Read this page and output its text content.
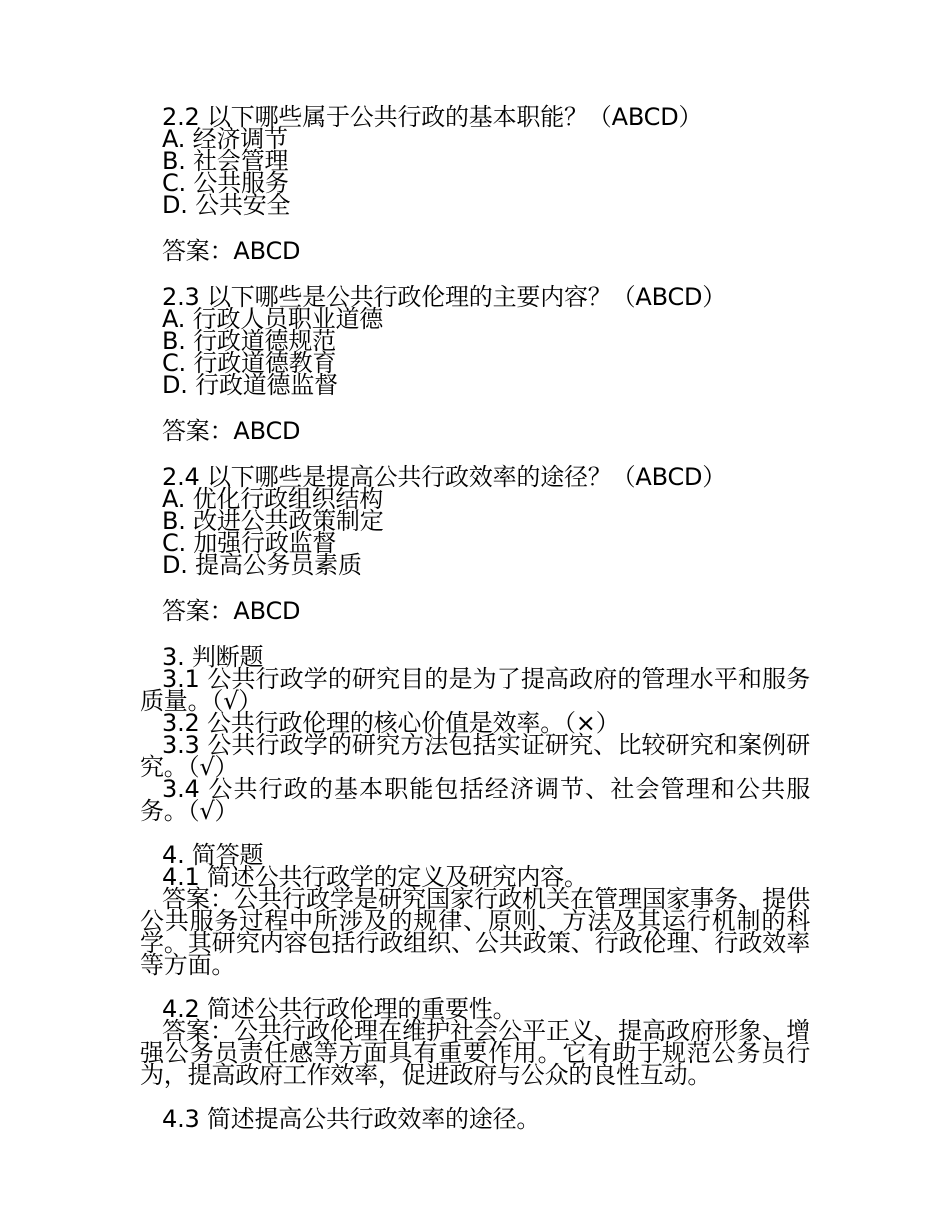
2.2 以下哪些属于公共行政的基本职能？（ABCD）
A. 经济调节
B. 社会管理
C. 公共服务
D. 公共安全
答案：ABCD
2.3 以下哪些是公共行政伦理的主要内容？（ABCD）
A. 行政人员职业道德
B. 行政道德规范
C. 行政道德教育
D. 行政道德监督
答案：ABCD
2.4 以下哪些是提高公共行政效率的途径？（ABCD）
A. 优化行政组织结构
B. 改进公共政策制定
C. 加强行政监督
D. 提高公务员素质
答案：ABCD
3. 判断题
3.1 公共行政学的研究目的是为了提高政府的管理水平和服务质量。（√）
3.2 公共行政伦理的核心价值是效率。（×）
3.3 公共行政学的研究方法包括实证研究、比较研究和案例研究。（√）
3.4 公共行政的基本职能包括经济调节、社会管理和公共服务。（√）
4. 简答题
4.1 简述公共行政学的定义及研究内容。
答案：公共行政学是研究国家行政机关在管理国家事务、提供公共服务过程中所涉及的规律、原则、方法及其运行机制的科学。其研究内容包括行政组织、公共政策、行政伦理、行政效率等方面。
4.2 简述公共行政伦理的重要性。
答案：公共行政伦理在维护社会公平正义、提高政府形象、增强公务员责任感等方面具有重要作用。它有助于规范公务员行为，提高政府工作效率，促进政府与公众的良性互动。
4.3 简述提高公共行政效率的途径。
